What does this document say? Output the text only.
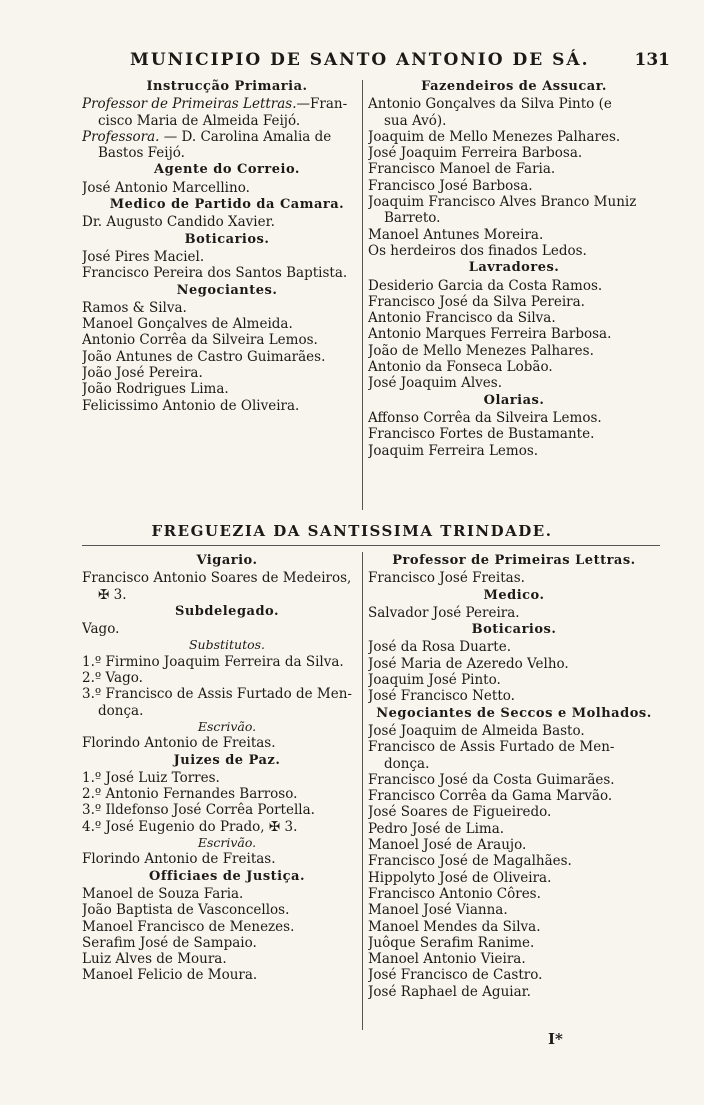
MUNICIPIO DE SANTO ANTONIO DE SÁ.	131
Instrucção Primaria.
Professor de Primeiras Lettras.—Fran-
cisco Maria de Almeida Feijó.
Professora. — D. Carolina Amalia de
Bastos Feijó.
Agente do Correio.
José Antonio Marcellino.
Medico de Partido da Camara.
Dr. Augusto Candido Xavier.
Boticarios.
José Pires Maciel.
Francisco Pereira dos Santos Baptista.
Negociantes.
Ramos & Silva.
Manoel Gonçalves de Almeida.
Antonio Corrêa da Silveira Lemos.
João Antunes de Castro Guimarães.
João José Pereira.
João Rodrigues Lima.
Felicissimo Antonio de Oliveira.
Fazendeiros de Assucar.
Antonio Gonçalves da Silva Pinto (e
sua Avó).
Joaquim de Mello Menezes Palhares.
José Joaquim Ferreira Barbosa.
Francisco Manoel de Faria.
Francisco José Barbosa.
Joaquim Francisco Alves Branco Muniz
Barreto.
Manoel Antunes Moreira.
Os herdeiros dos finados Ledos.
Lavradores.
Desiderio Garcia da Costa Ramos.
Francisco José da Silva Pereira.
Antonio Francisco da Silva.
Antonio Marques Ferreira Barbosa.
João de Mello Menezes Palhares.
Antonio da Fonseca Lobão.
José Joaquim Alves.
Olarias.
Affonso Corrêa da Silveira Lemos.
Francisco Fortes de Bustamante.
Joaquim Ferreira Lemos.
FREGUEZIA DA SANTISSIMA TRINDADE.
Vigario.
Francisco Antonio Soares de Medeiros,
✠ 3.
Subdelegado.
Vago.
Substitutos.
1.º Firmino Joaquim Ferreira da Silva.
2.º Vago.
3.º Francisco de Assis Furtado de Men-
donça.
Escrivão.
Florindo Antonio de Freitas.
Juizes de Paz.
1.º José Luiz Torres.
2.º Antonio Fernandes Barroso.
3.º Ildefonso José Corrêa Portella.
4.º José Eugenio do Prado, ✠ 3.
Escrivão.
Florindo Antonio de Freitas.
Officiaes de Justiça.
Manoel de Souza Faria.
João Baptista de Vasconcellos.
Manoel Francisco de Menezes.
Serafim José de Sampaio.
Luiz Alves de Moura.
Manoel Felicio de Moura.
Professor de Primeiras Lettras.
Francisco José Freitas.
Medico.
Salvador José Pereira.
Boticarios.
José da Rosa Duarte.
José Maria de Azeredo Velho.
Joaquim José Pinto.
José Francisco Netto.
Negociantes de Seccos e Molhados.
José Joaquim de Almeida Basto.
Francisco de Assis Furtado de Men-
donça.
Francisco José da Costa Guimarães.
Francisco Corrêa da Gama Marvão.
José Soares de Figueiredo.
Pedro José de Lima.
Manoel José de Araujo.
Francisco José de Magalhães.
Hippolyto José de Oliveira.
Francisco Antonio Côres.
Manoel José Vianna.
Manoel Mendes da Silva.
Juôque Serafim Ranime.
Manoel Antonio Vieira.
José Francisco de Castro.
José Raphael de Aguiar.
I*
